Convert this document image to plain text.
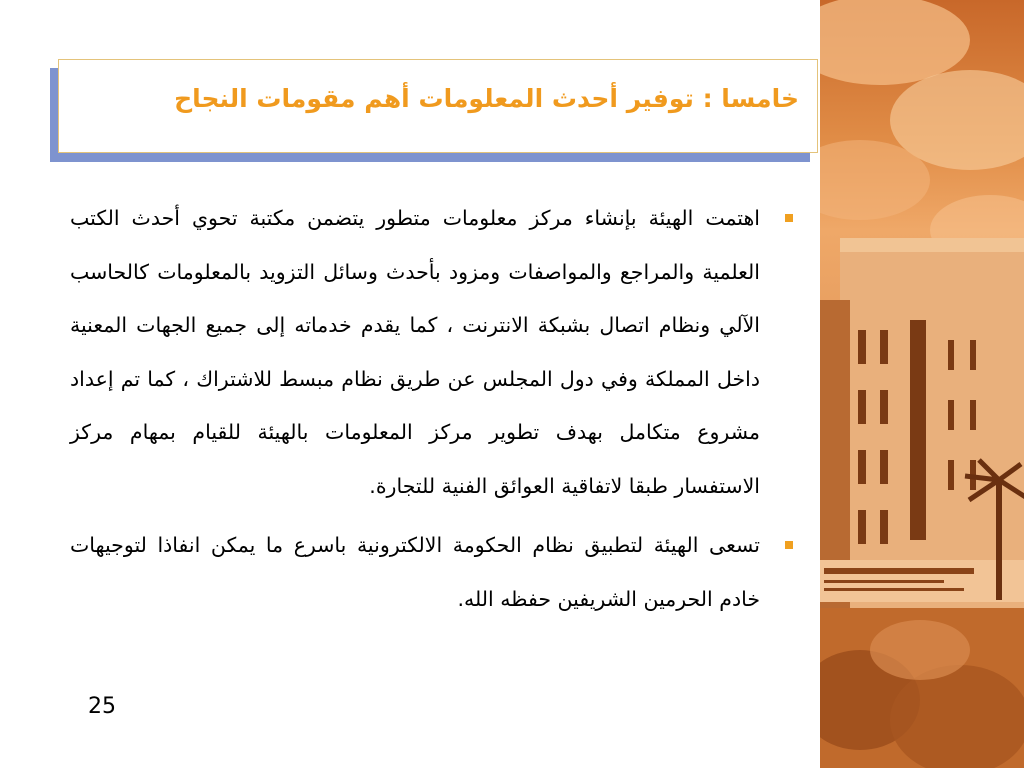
خامسا : توفير أحدث المعلومات أهم مقومات النجاح
اهتمت الهيئة بإنشاء مركز معلومات متطور يتضمن مكتبة تحوي أحدث الكتب العلمية والمراجع والمواصفات ومزود بأحدث وسائل التزويد بالمعلومات كالحاسب الآلي ونظام اتصال بشبكة الانترنت ، كما يقدم خدماته إلى جميع الجهات المعنية داخل المملكة وفي دول المجلس عن طريق نظام مبسط للاشتراك ، كما تم إعداد مشروع متكامل بهدف تطوير مركز المعلومات بالهيئة للقيام بمهام مركز الاستفسار طبقا لاتفاقية العوائق الفنية للتجارة.
تسعى الهيئة لتطبيق نظام الحكومة الالكترونية باسرع ما يمكن انفاذا لتوجيهات خادم الحرمين الشريفين حفظه الله.
25
